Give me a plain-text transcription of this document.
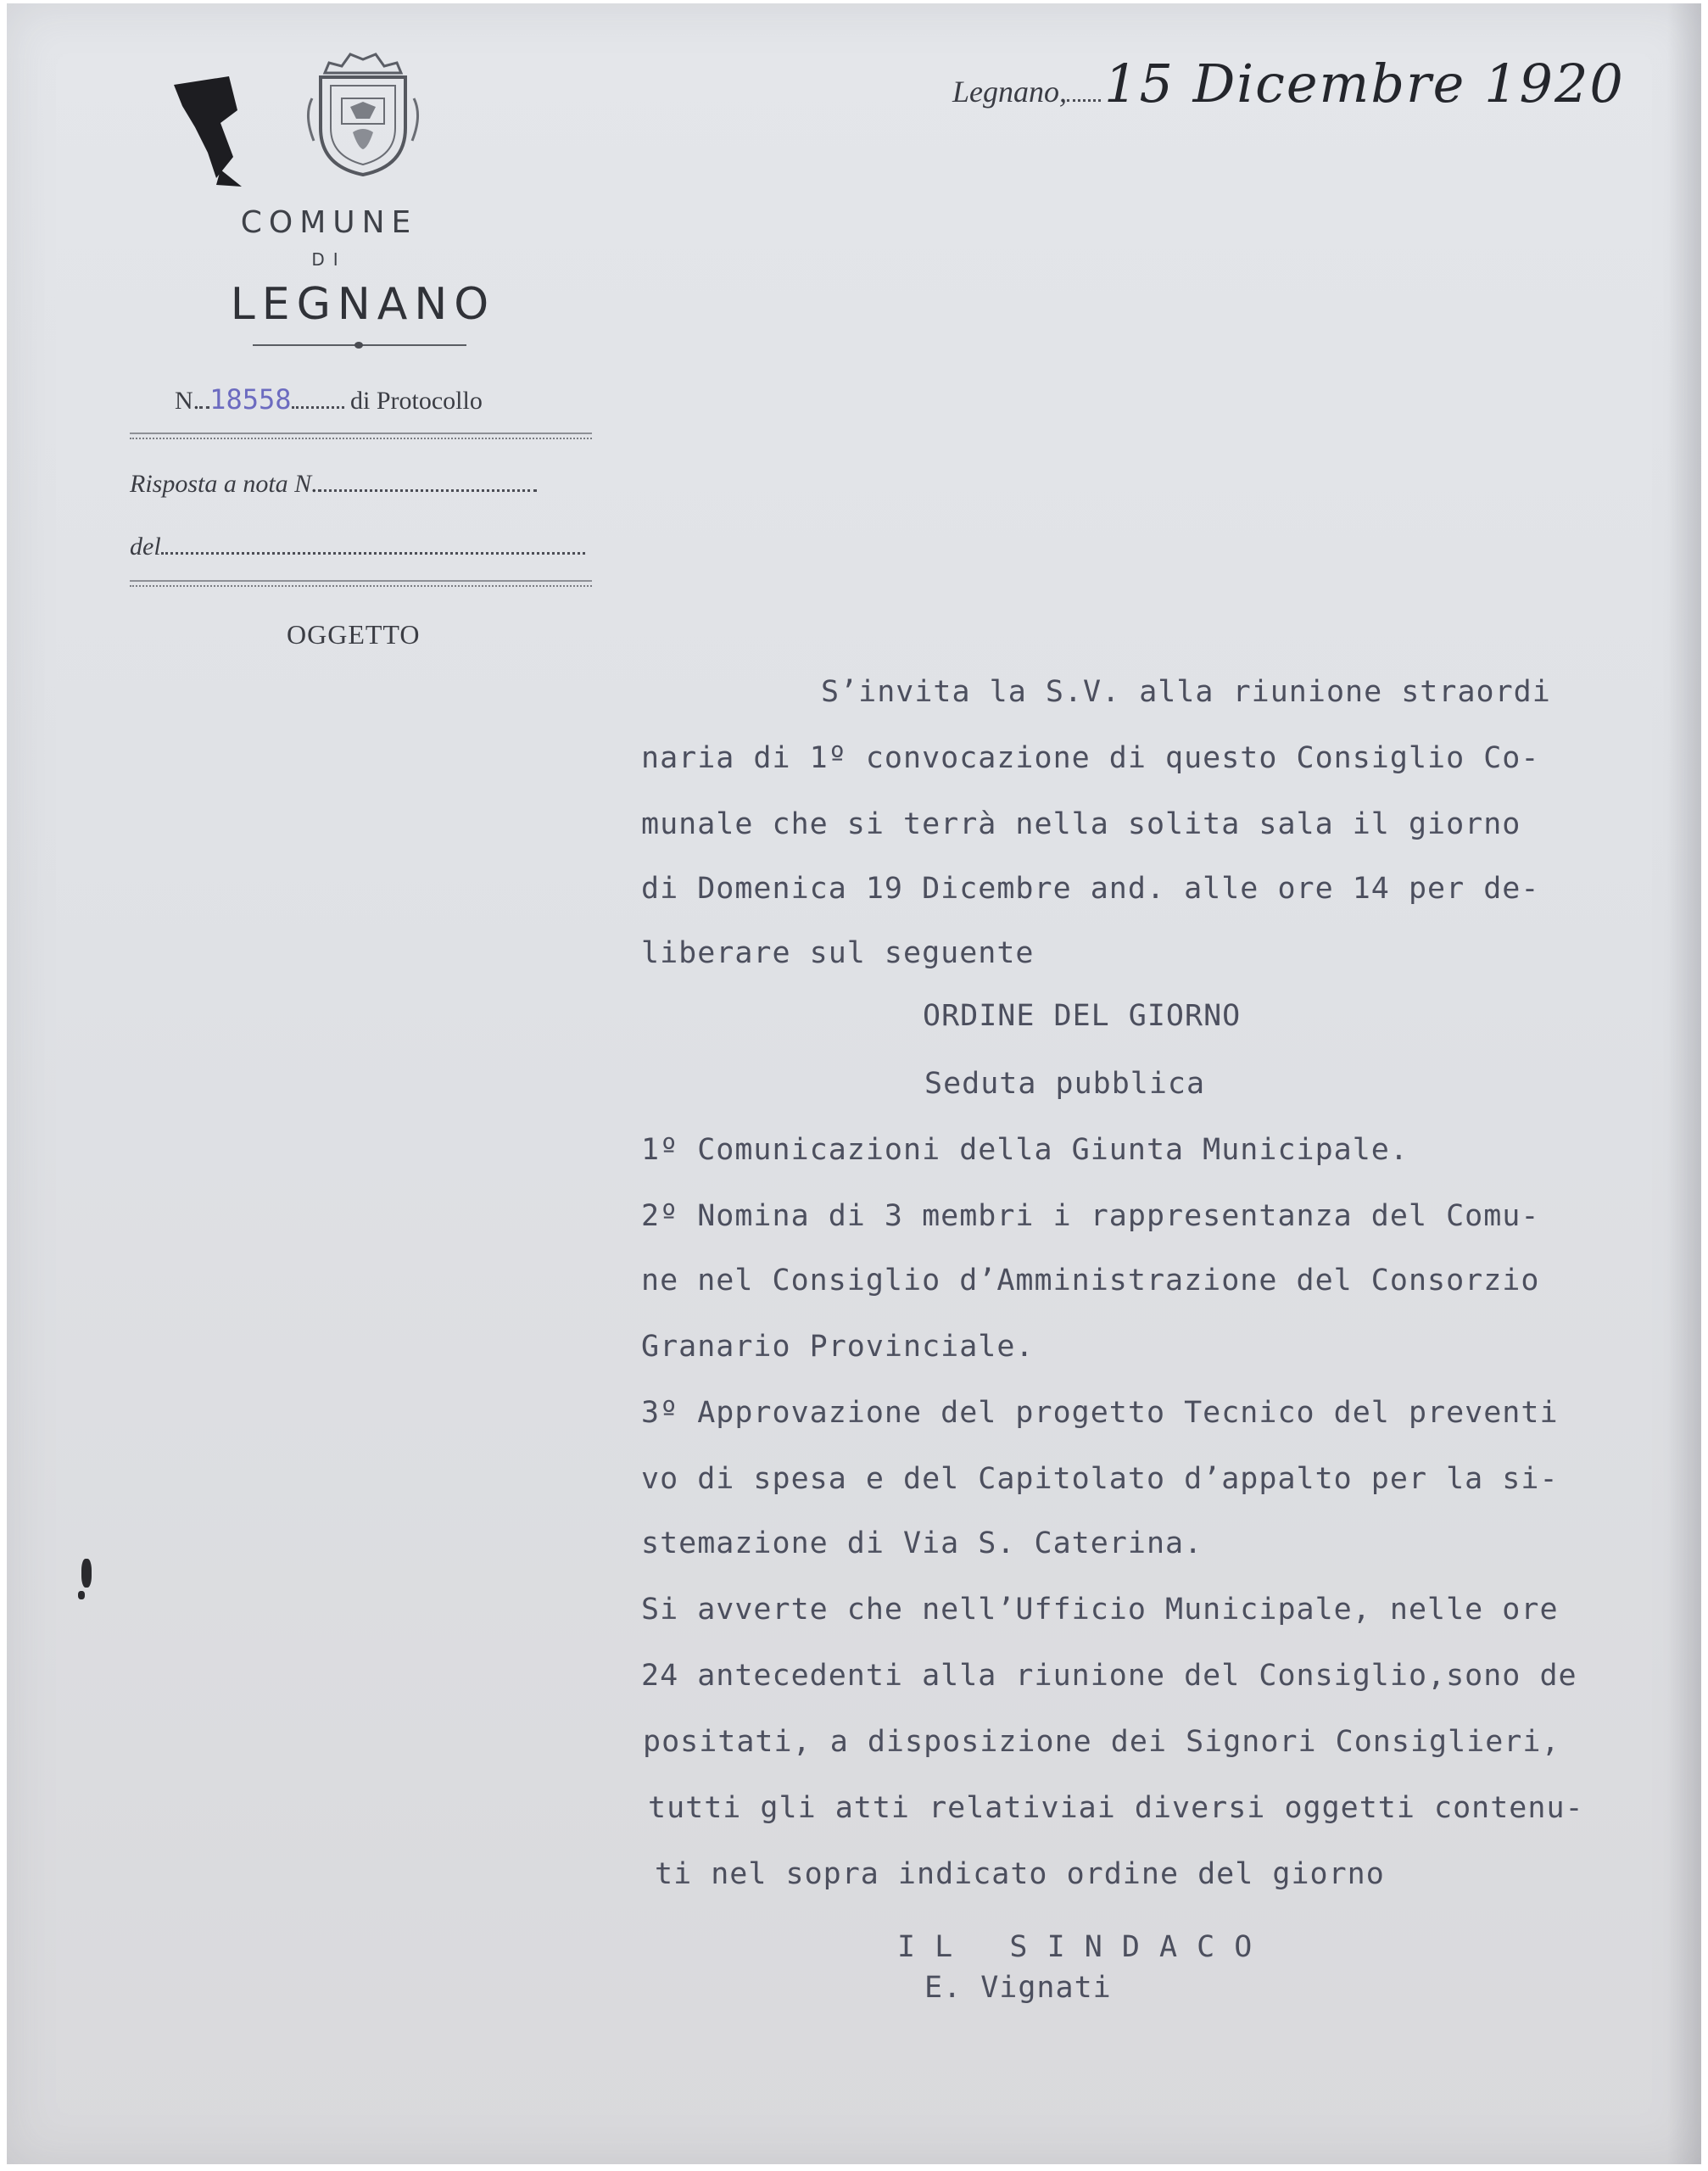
COMUNE
DI
LEGNANO
N. 18558 di Protocollo
Risposta a nota N.
del
OGGETTO
Legnano, 15 Dicembre 1920
S’invita la S.V. alla riunione straordi
naria di 1º convocazione di questo Consiglio Co-
munale che si terrà nella solita sala il giorno
di Domenica 19 Dicembre and. alle ore 14 per de-
liberare sul seguente
ORDINE DEL GIORNO
Seduta pubblica
1º Comunicazioni della Giunta Municipale.
2º Nomina di 3 membri i rappresentanza del Comu-
ne nel Consiglio d’Amministrazione del Consorzio
Granario Provinciale.
3º Approvazione del progetto Tecnico del preventi
vo di spesa e del Capitolato d’appalto per la si-
stemazione di Via S. Caterina.
Si avverte che nell’Ufficio Municipale, nelle ore
24 antecedenti alla riunione del Consiglio,sono de
positati, a disposizione dei Signori Consiglieri,
tutti gli atti relativiai diversi oggetti contenu-
ti nel sopra indicato ordine del giorno
I L   S I N D A C O
E. Vignati
